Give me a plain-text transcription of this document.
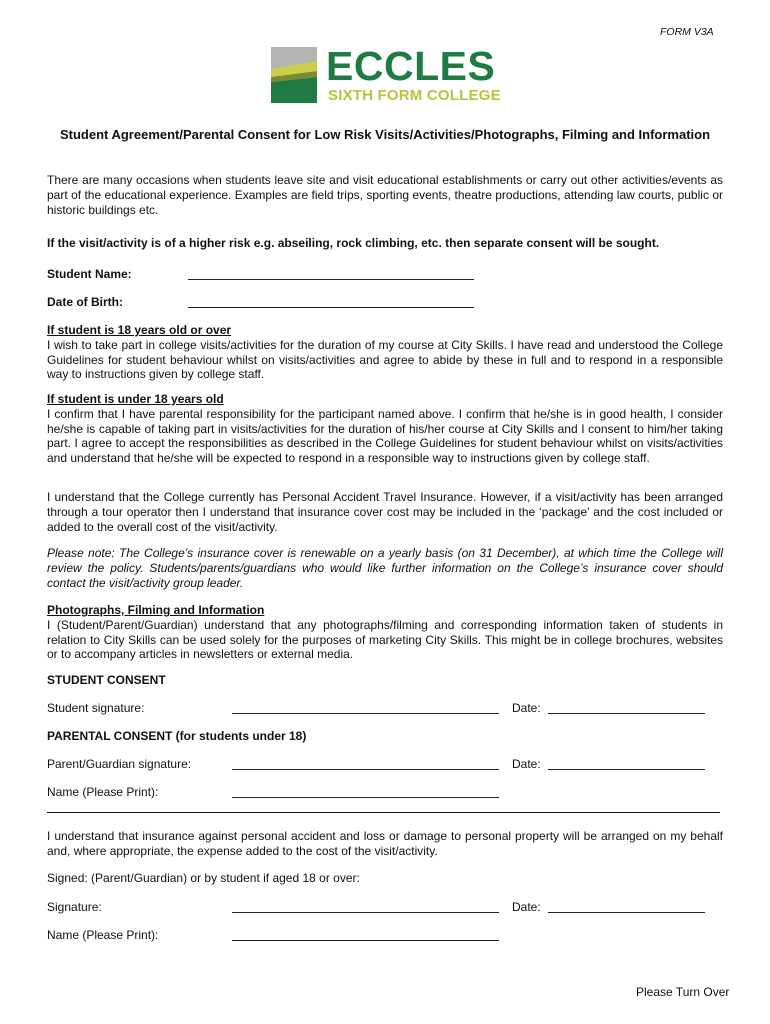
FORM V3A
ECCLES
SIXTH FORM COLLEGE
Student Agreement/Parental Consent for Low Risk Visits/Activities/Photographs, Filming and Information
There are many occasions when students leave site and visit educational establishments or carry out other activities/events as part of the educational experience. Examples are field trips, sporting events, theatre productions, attending law courts, public or historic buildings etc.
If the visit/activity is of a higher risk e.g. abseiling, rock climbing, etc. then separate consent will be sought.
Student Name:
Date of Birth:
If student is 18 years old or over
I wish to take part in college visits/activities for the duration of my course at City Skills. I have read and understood the College Guidelines for student behaviour whilst on visits/activities and agree to abide by these in full and to respond in a responsible way to instructions given by college staff.
If student is under 18 years old
I confirm that I have parental responsibility for the participant named above. I confirm that he/she is in good health, I consider he/she is capable of taking part in visits/activities for the duration of his/her course at City Skills and I consent to him/her taking part. I agree to accept the responsibilities as described in the College Guidelines for student behaviour whilst on visits/activities and understand that he/she will be expected to respond in a responsible way to instructions given by college staff.
I understand that the College currently has Personal Accident Travel Insurance. However, if a visit/activity has been arranged through a tour operator then I understand that insurance cover cost may be included in the ‘package’ and the cost included or added to the overall cost of the visit/activity.
Please note: The College’s insurance cover is renewable on a yearly basis (on 31 December), at which time the College will review the policy. Students/parents/guardians who would like further information on the College’s insurance cover should contact the visit/activity group leader.
Photographs, Filming and Information
I (Student/Parent/Guardian) understand that any photographs/filming and corresponding information taken of students in relation to City Skills can be used solely for the purposes of marketing City Skills. This might be in college brochures, websites or to accompany articles in newsletters or external media.
STUDENT CONSENT
Student signature:	Date:
PARENTAL CONSENT (for students under 18)
Parent/Guardian signature:	Date:
Name (Please Print):
I understand that insurance against personal accident and loss or damage to personal property will be arranged on my behalf and, where appropriate, the expense added to the cost of the visit/activity.
Signed: (Parent/Guardian) or by student if aged 18 or over:
Signature:	Date:
Name (Please Print):
Please Turn Over
